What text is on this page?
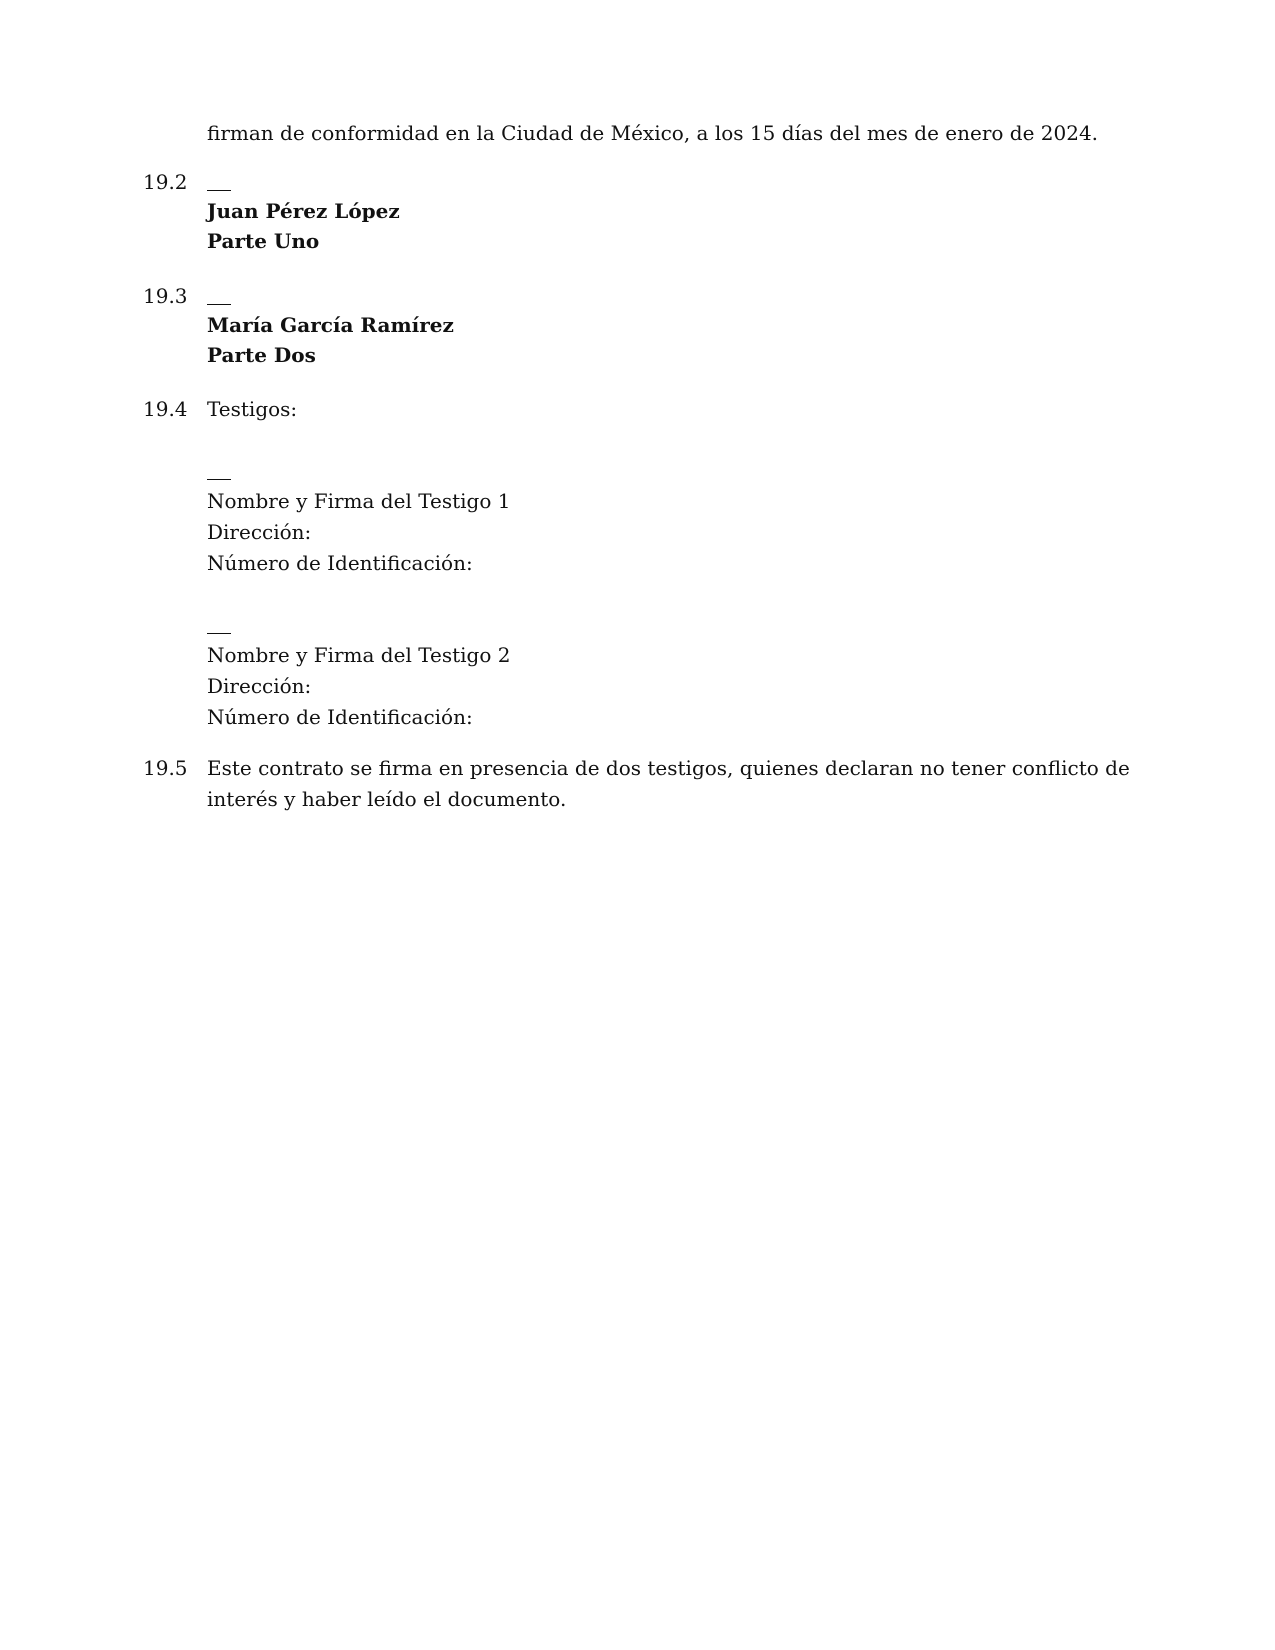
firman de conformidad en la Ciudad de México, a los 15 días del mes de enero de 2024.
19.2
Juan Pérez López
Parte Uno
19.3
María García Ramírez
Parte Dos
19.4 Testigos:
Nombre y Firma del Testigo 1
Dirección:
Número de Identificación:
Nombre y Firma del Testigo 2
Dirección:
Número de Identificación:
19.5 Este contrato se firma en presencia de dos testigos, quienes declaran no tener conflicto de
interés y haber leído el documento.
